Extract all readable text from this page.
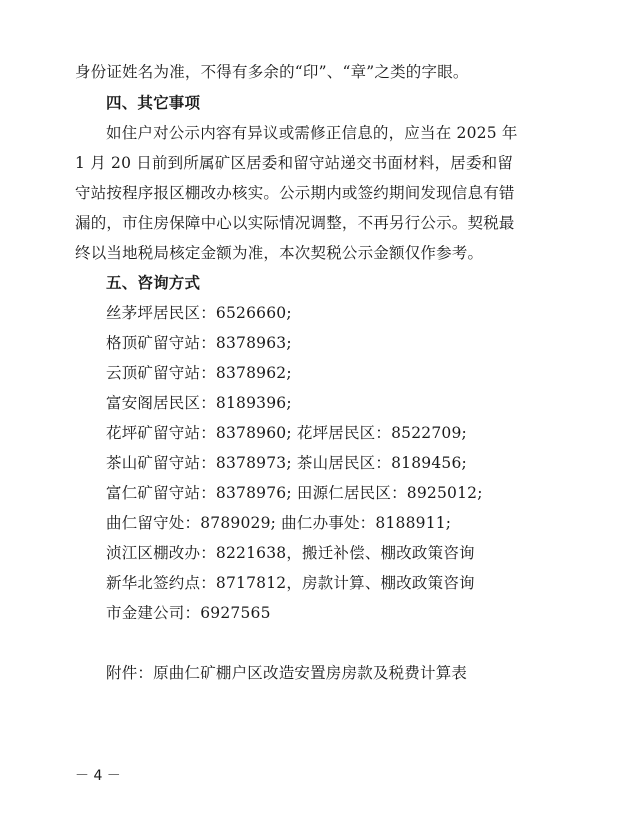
身份证姓名为准，不得有多余的“印”、“章”之类的字眼。
四、其它事项
如住户对公示内容有异议或需修正信息的，应当在 2025 年
1 月 20 日前到所属矿区居委和留守站递交书面材料，居委和留
守站按程序报区棚改办核实。公示期内或签约期间发现信息有错
漏的，市住房保障中心以实际情况调整，不再另行公示。契税最
终以当地税局核定金额为准，本次契税公示金额仅作参考。
五、咨询方式
丝茅坪居民区：6526660;
格顶矿留守站：8378963;
云顶矿留守站：8378962;
富安阁居民区：8189396;
花坪矿留守站：8378960; 花坪居民区：8522709;
茶山矿留守站：8378973; 茶山居民区：8189456;
富仁矿留守站：8378976; 田源仁居民区：8925012;
曲仁留守处：8789029; 曲仁办事处：8188911;
浈江区棚改办：8221638，搬迁补偿、棚改政策咨询
新华北签约点：8717812，房款计算、棚改政策咨询
市金建公司：6927565
附件：原曲仁矿棚户区改造安置房房款及税费计算表
－ 4 －
